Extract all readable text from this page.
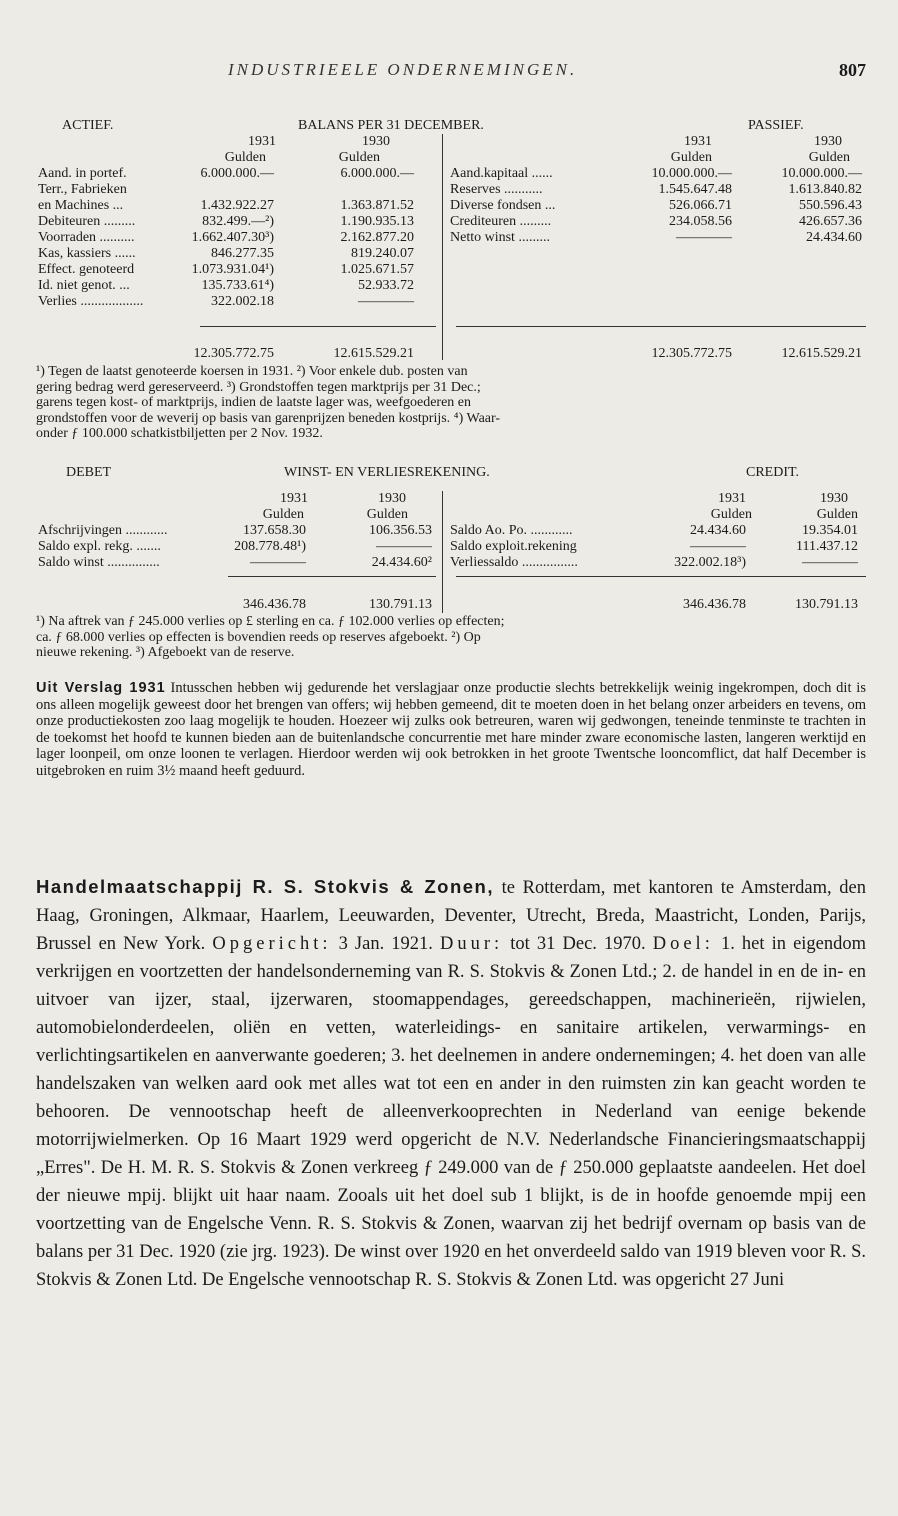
INDUSTRIEELE ONDERNEMINGEN.	807
ACTIEF.	BALANS PER 31 DECEMBER.	PASSIEF.
1931	1930	1931	1930
Gulden	Gulden	Gulden	Gulden
Aand. in portef.	6.000.000.—	6.000.000.—
Terr., Fabrieken
en Machines ...	1.432.922.27	1.363.871.52
Debiteuren .........	832.499.—²)	1.190.935.13
Voorraden ..........	1.662.407.30³)	2.162.877.20
Kas, kassiers ......	846.277.35	819.240.07
Effect. genoteerd	1.073.931.04¹)	1.025.671.57
Id. niet genot. ...	135.733.61⁴)	52.933.72
Verlies ..................	322.002.18	————
Aand.kapitaal ......	10.000.000.—	10.000.000.—
Reserves ...........	1.545.647.48	1.613.840.82
Diverse fondsen ...	526.066.71	550.596.43
Crediteuren .........	234.058.56	426.657.36
Netto winst .........	————	24.434.60
12.305.772.75	12.615.529.21	12.305.772.75	12.615.529.21

¹) Tegen de laatst genoteerde koersen in 1931. ²) Voor enkele dub. posten van

gering bedrag werd gereserveerd. ³) Grondstoffen tegen marktprijs per 31 Dec.;

garens tegen kost- of marktprijs, indien de laatste lager was, weefgoederen en

grondstoffen voor de weverij op basis van garenprijzen beneden kostprijs. ⁴) Waar-

onder ƒ 100.000 schatkistbiljetten per 2 Nov. 1932.

DEBET	WINST- EN VERLIESREKENING.	CREDIT.
1931	1930	1931	1930
Gulden	Gulden	Gulden	Gulden
Afschrijvingen ............	137.658.30	106.356.53
Saldo expl. rekg. .......	208.778.48¹)	————
Saldo winst ...............	————	24.434.60²
Saldo Ao. Po. ............	24.434.60	19.354.01
Saldo exploit.rekening	————	111.437.12
Verliessaldo ................	322.002.18³)	————
346.436.78	130.791.13	346.436.78	130.791.13

¹) Na aftrek van ƒ 245.000 verlies op £ sterling en ca. ƒ 102.000 verlies op effecten;

ca. ƒ 68.000 verlies op effecten is bovendien reeds op reserves afgeboekt. ²) Op

nieuwe rekening. ³) Afgeboekt van de reserve.

Uit Verslag 1931 Intusschen hebben wij gedurende het verslagjaar onze productie slechts betrekkelijk weinig ingekrompen, doch dit is ons alleen mogelijk geweest door het brengen van offers; wij hebben gemeend, dit te moeten doen in het belang onzer arbeiders en tevens, om onze productiekosten zoo laag mogelijk te houden. Hoezeer wij zulks ook betreuren, waren wij gedwongen, teneinde tenminste te trachten in de toekomst het hoofd te kunnen bieden aan de buitenlandsche concurrentie met hare minder zware economische lasten, langeren werktijd en lager loonpeil, om onze loonen te verlagen. Hierdoor werden wij ook betrokken in het groote Twentsche looncomflict, dat half December is uitgebroken en ruim 3½ maand heeft geduurd.
Handelmaatschappij R. S. Stokvis & Zonen, te Rotterdam, met kantoren te Amsterdam, den Haag, Groningen, Alkmaar, Haarlem, Leeuwarden, Deventer, Utrecht, Breda, Maastricht, Londen, Parijs, Brussel en New York. Opgericht: 3 Jan. 1921. Duur: tot 31 Dec. 1970. Doel: 1. het in eigendom verkrijgen en voortzetten der handelsonderneming van R. S. Stokvis & Zonen Ltd.; 2. de handel in en de in- en uitvoer van ijzer, staal, ijzerwaren, stoomappendages, gereedschappen, machinerieën, rijwielen, automobielonderdeelen, oliën en vetten, waterleidings- en sanitaire artikelen, verwarmings- en verlichtingsartikelen en aanverwante goederen; 3. het deelnemen in andere ondernemingen; 4. het doen van alle handelszaken van welken aard ook met alles wat tot een en ander in den ruimsten zin kan geacht worden te behooren. De vennootschap heeft de alleenverkooprechten in Nederland van eenige bekende motorrijwielmerken. Op 16 Maart 1929 werd opgericht de N.V. Nederlandsche Financieringsmaatschappij „Erres". De H. M. R. S. Stokvis & Zonen verkreeg ƒ 249.000 van de ƒ 250.000 geplaatste aandeelen. Het doel der nieuwe mpij. blijkt uit haar naam. Zooals uit het doel sub 1 blijkt, is de in hoofde genoemde mpij een voortzetting van de Engelsche Venn. R. S. Stokvis & Zonen, waarvan zij het bedrijf overnam op basis van de balans per 31 Dec. 1920 (zie jrg. 1923). De winst over 1920 en het onverdeeld saldo van 1919 bleven voor R. S. Stokvis & Zonen Ltd. De Engelsche vennootschap R. S. Stokvis & Zonen Ltd. was opgericht 27 Juni
